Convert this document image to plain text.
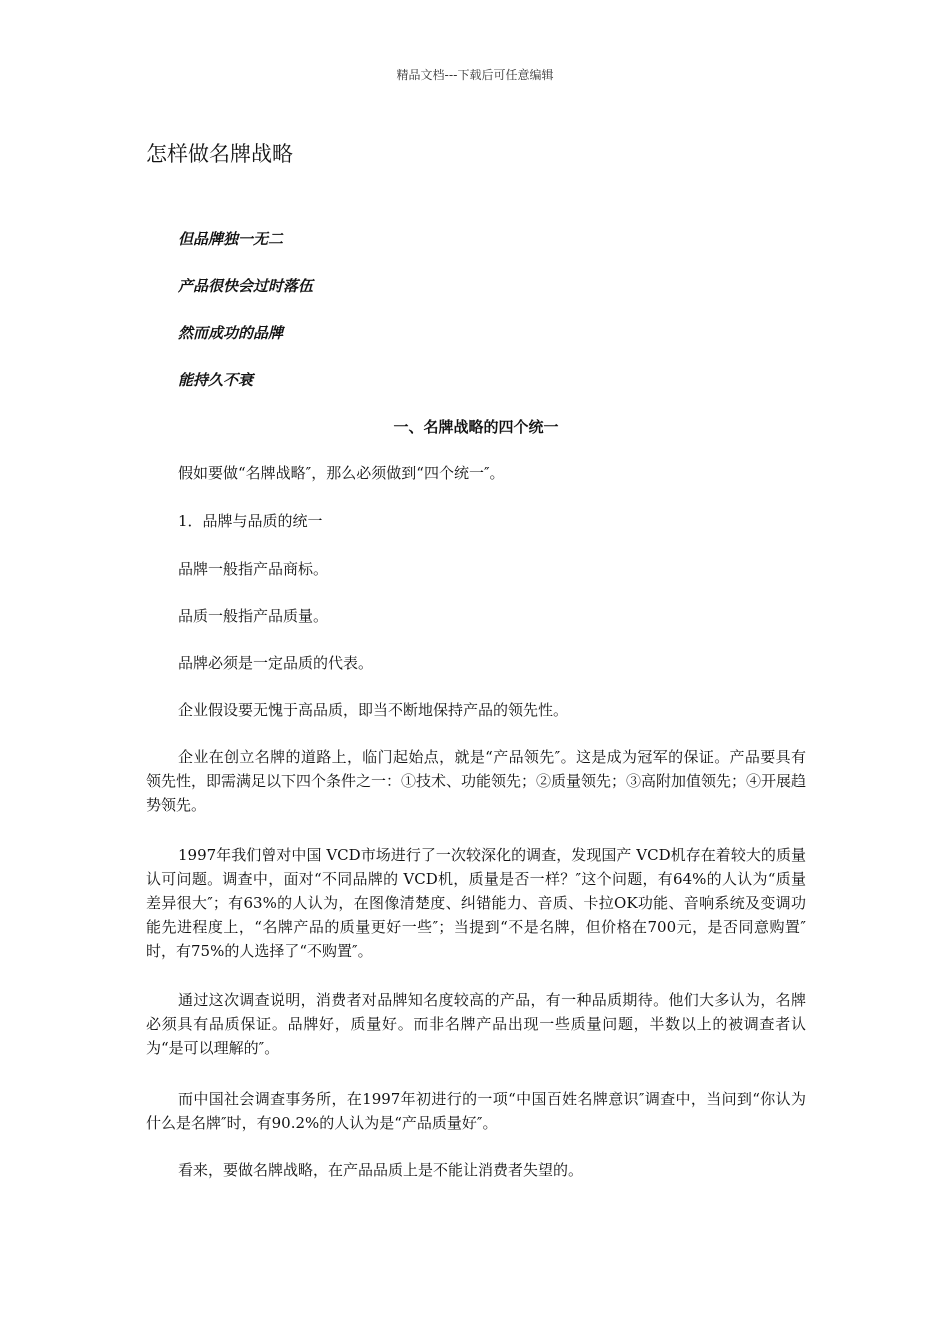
精品文档---下载后可任意编辑
怎样做名牌战略
但品牌独一无二
产品很快会过时落伍
然而成功的品牌
能持久不衰
一、名牌战略的四个统一

假如要做“名牌战略″，那么必须做到“四个统一″。

1．品牌与品质的统一

品牌一般指产品商标。

品质一般指产品质量。

品牌必须是一定品质的代表。

企业假设要无愧于高品质，即当不断地保持产品的领先性。

企业在创立名牌的道路上，临门起始点，就是“产品领先″。这是成为冠军的保证。产品要具有领先性，即需满足以下四个条件之一：①技术、功能领先；②质量领先；③高附加值领先；④开展趋势领先。

1997年我们曾对中国 VCD市场进行了一次较深化的调查，发现国产 VCD机存在着较大的质量认可问题。调查中，面对“不同品牌的 VCD机，质量是否一样？″这个问题，有64%的人认为“质量差异很大″；有63%的人认为，在图像清楚度、纠错能力、音质、卡拉OK功能、音响系统及变调功能先进程度上，“名牌产品的质量更好一些″；当提到“不是名牌，但价格在700元，是否同意购置″时，有75%的人选择了“不购置″。

通过这次调查说明，消费者对品牌知名度较高的产品，有一种品质期待。他们大多认为，名牌必须具有品质保证。品牌好，质量好。而非名牌产品出现一些质量问题，半数以上的被调查者认为“是可以理解的″。

而中国社会调查事务所，在1997年初进行的一项“中国百姓名牌意识″调查中，当问到“你认为什么是名牌″时，有90.2%的人认为是“产品质量好″。

看来，要做名牌战略，在产品品质上是不能让消费者失望的。
